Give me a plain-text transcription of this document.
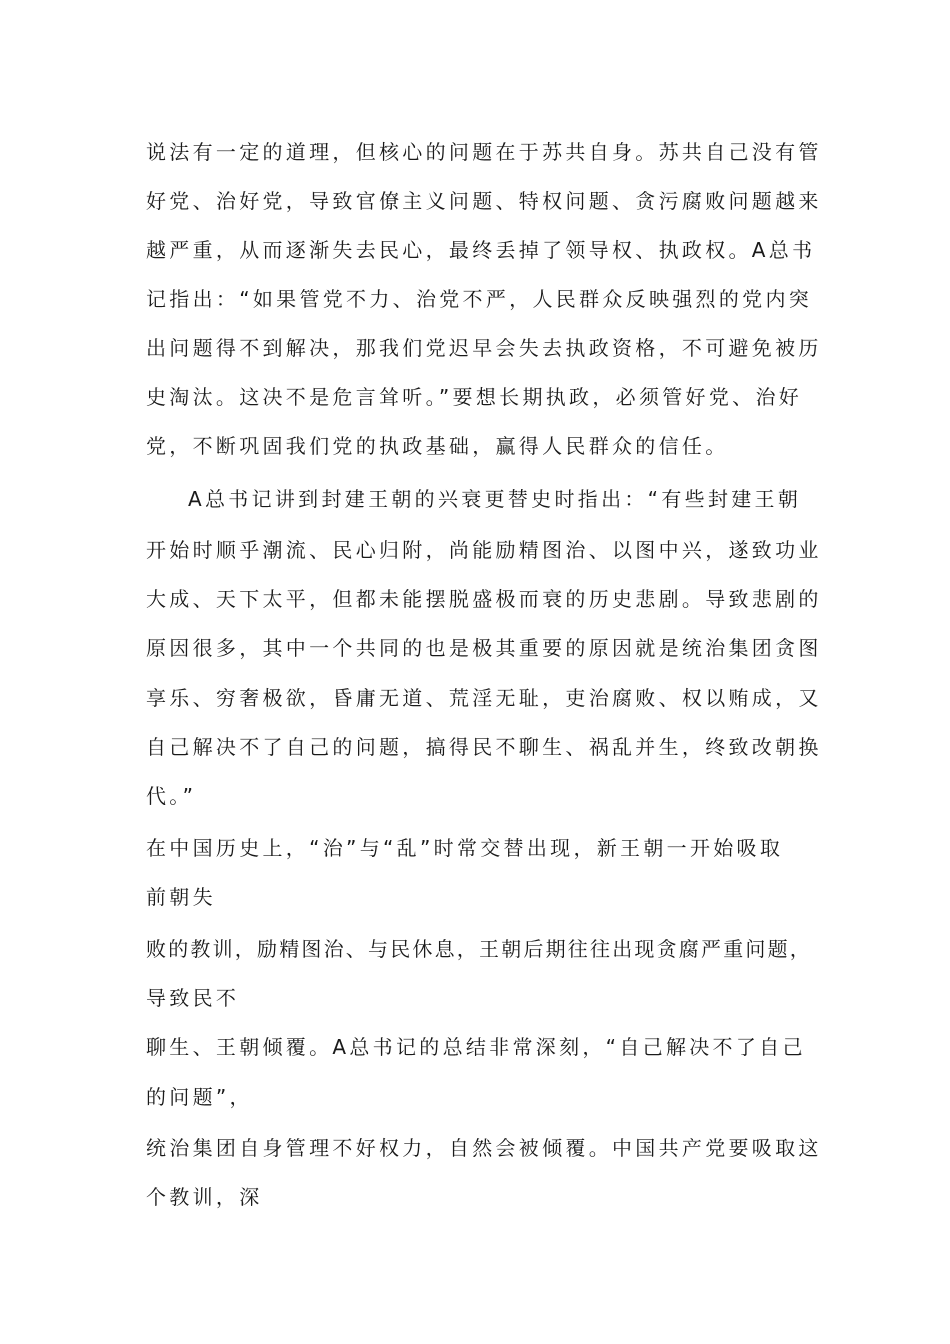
说法有一定的道理，但核心的问题在于苏共自身。苏共自己没有管
好党、治好党，导致官僚主义问题、特权问题、贪污腐败问题越来
越严重，从而逐渐失去民心，最终丢掉了领导权、执政权。A总书
记指出：“如果管党不力、治党不严，人民群众反映强烈的党内突
出问题得不到解决，那我们党迟早会失去执政资格，不可避免被历
史淘汰。这决不是危言耸听。”要想长期执政，必须管好党、治好
党，不断巩固我们党的执政基础，赢得人民群众的信任。
A总书记讲到封建王朝的兴衰更替史时指出：“有些封建王朝
开始时顺乎潮流、民心归附，尚能励精图治、以图中兴，遂致功业
大成、天下太平，但都未能摆脱盛极而衰的历史悲剧。导致悲剧的
原因很多，其中一个共同的也是极其重要的原因就是统治集团贪图
享乐、穷奢极欲，昏庸无道、荒淫无耻，吏治腐败、权以贿成，又
自己解决不了自己的问题，搞得民不聊生、祸乱并生，终致改朝换
代。”
在中国历史上，“治”与“乱”时常交替出现，新王朝一开始吸取
前朝失
败的教训，励精图治、与民休息，王朝后期往往出现贪腐严重问题，
导致民不
聊生、王朝倾覆。A总书记的总结非常深刻，“自己解决不了自己
的问题”，
统治集团自身管理不好权力，自然会被倾覆。中国共产党要吸取这
个教训，深
